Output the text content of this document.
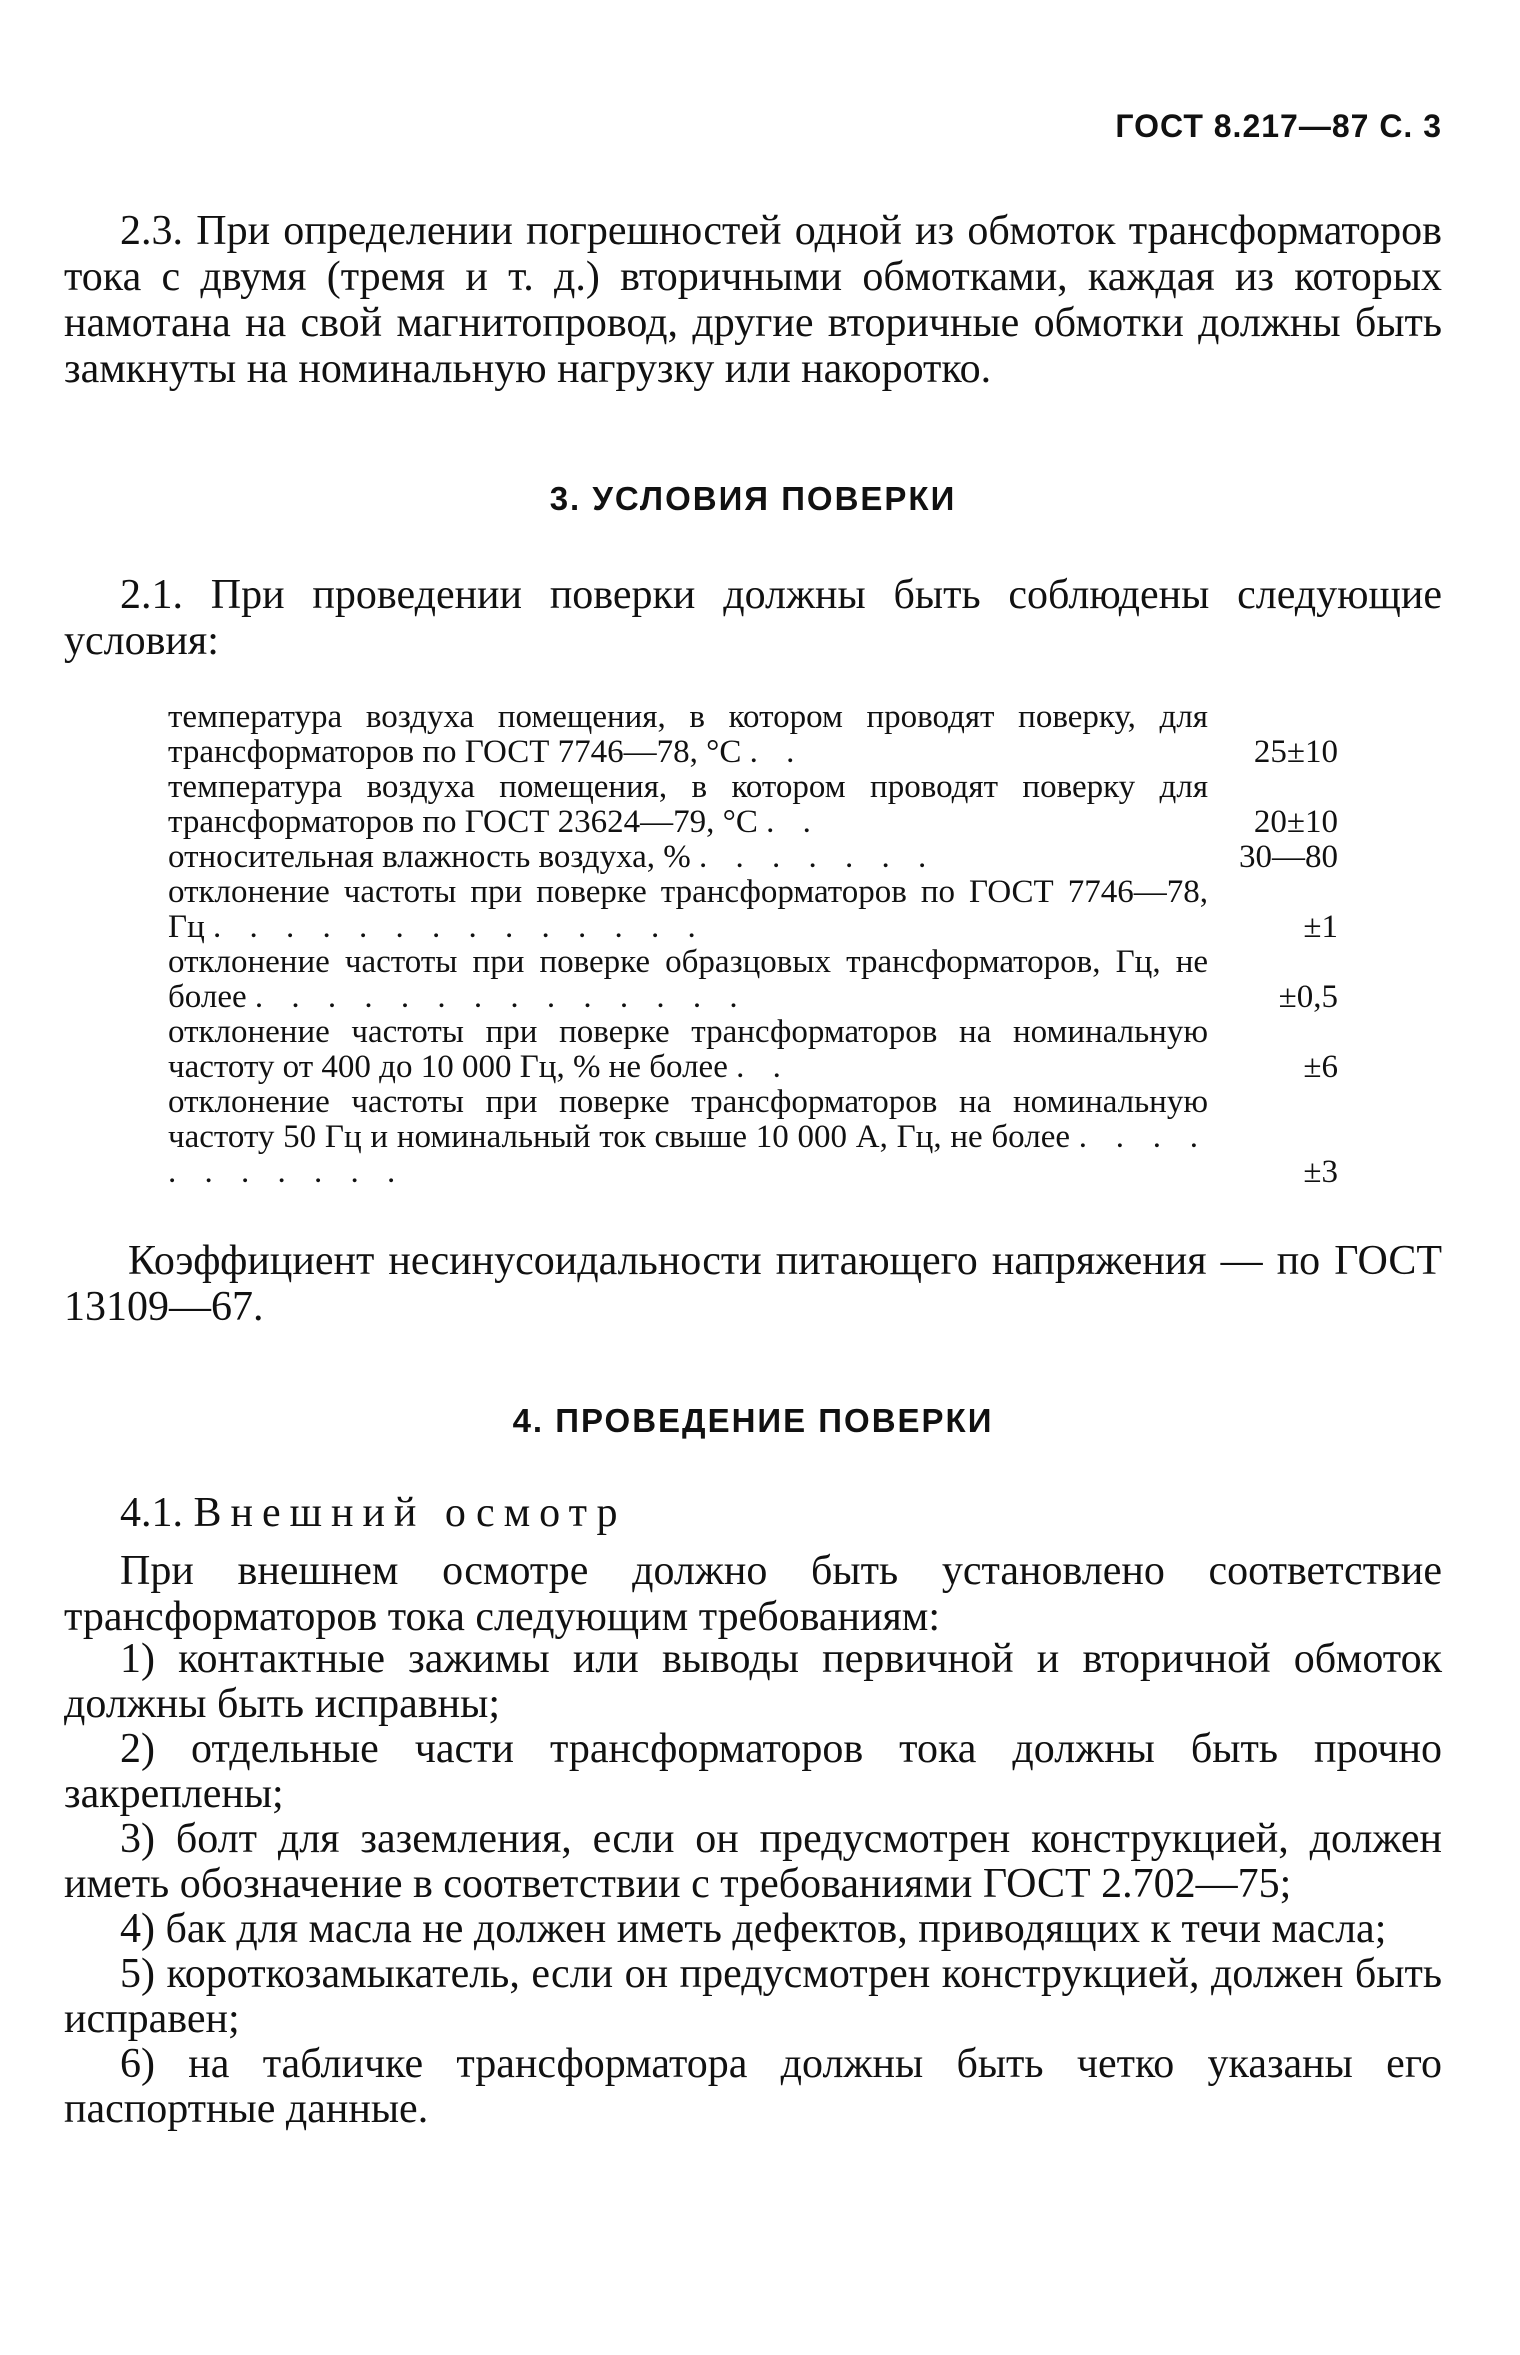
ГОСТ 8.217—87 С. 3
2.3. При определении погрешностей одной из обмоток трансформаторов тока с двумя (тремя и т. д.) вторичными обмотками, каждая из которых намотана на свой магнитопровод, другие вторичные обмотки должны быть замкнуты на номинальную нагрузку или накоротко.
3. УСЛОВИЯ ПОВЕРКИ
2.1. При проведении поверки должны быть соблюдены следующие условия:
температура воздуха помещения, в котором проводят поверку, для трансформаторов по ГОСТ 7746—78, °С . .	25±10
температура воздуха помещения, в котором проводят поверку для трансформаторов по ГОСТ 23624—79, °С . .	20±10
относительная влажность воздуха, % . . . . . . .	30—80
отклонение частоты при поверке трансформаторов по ГОСТ 7746—78, Гц . . . . . . . . . . . . . .	±1
отклонение частоты при поверке образцовых трансформаторов, Гц, не более . . . . . . . . . . . . . .	±0,5
отклонение частоты при поверке трансформаторов на номинальную частоту от 400 до 10 000 Гц, % не более . .	±6
отклонение частоты при поверке трансформаторов на номинальную частоту 50 Гц и номинальный ток свыше 10 000 А, Гц, не более . . . . . . . . . . .	±3
Коэффициент несинусоидальности питающего напряжения — по ГОСТ 13109—67.
4. ПРОВЕДЕНИЕ ПОВЕРКИ
4.1. Внешний осмотр
При внешнем осмотре должно быть установлено соответствие трансформаторов тока следующим требованиям:

1) контактные зажимы или выводы первичной и вторичной обмоток должны быть исправны;

2) отдельные части трансформаторов тока должны быть прочно закреплены;

3) болт для заземления, если он предусмотрен конструкцией, должен иметь обозначение в соответствии с требованиями ГОСТ 2.702—75;

4) бак для масла не должен иметь дефектов, приводящих к течи масла;

5) короткозамыкатель, если он предусмотрен конструкцией, должен быть исправен;

6) на табличке трансформатора должны быть четко указаны его паспортные данные.
